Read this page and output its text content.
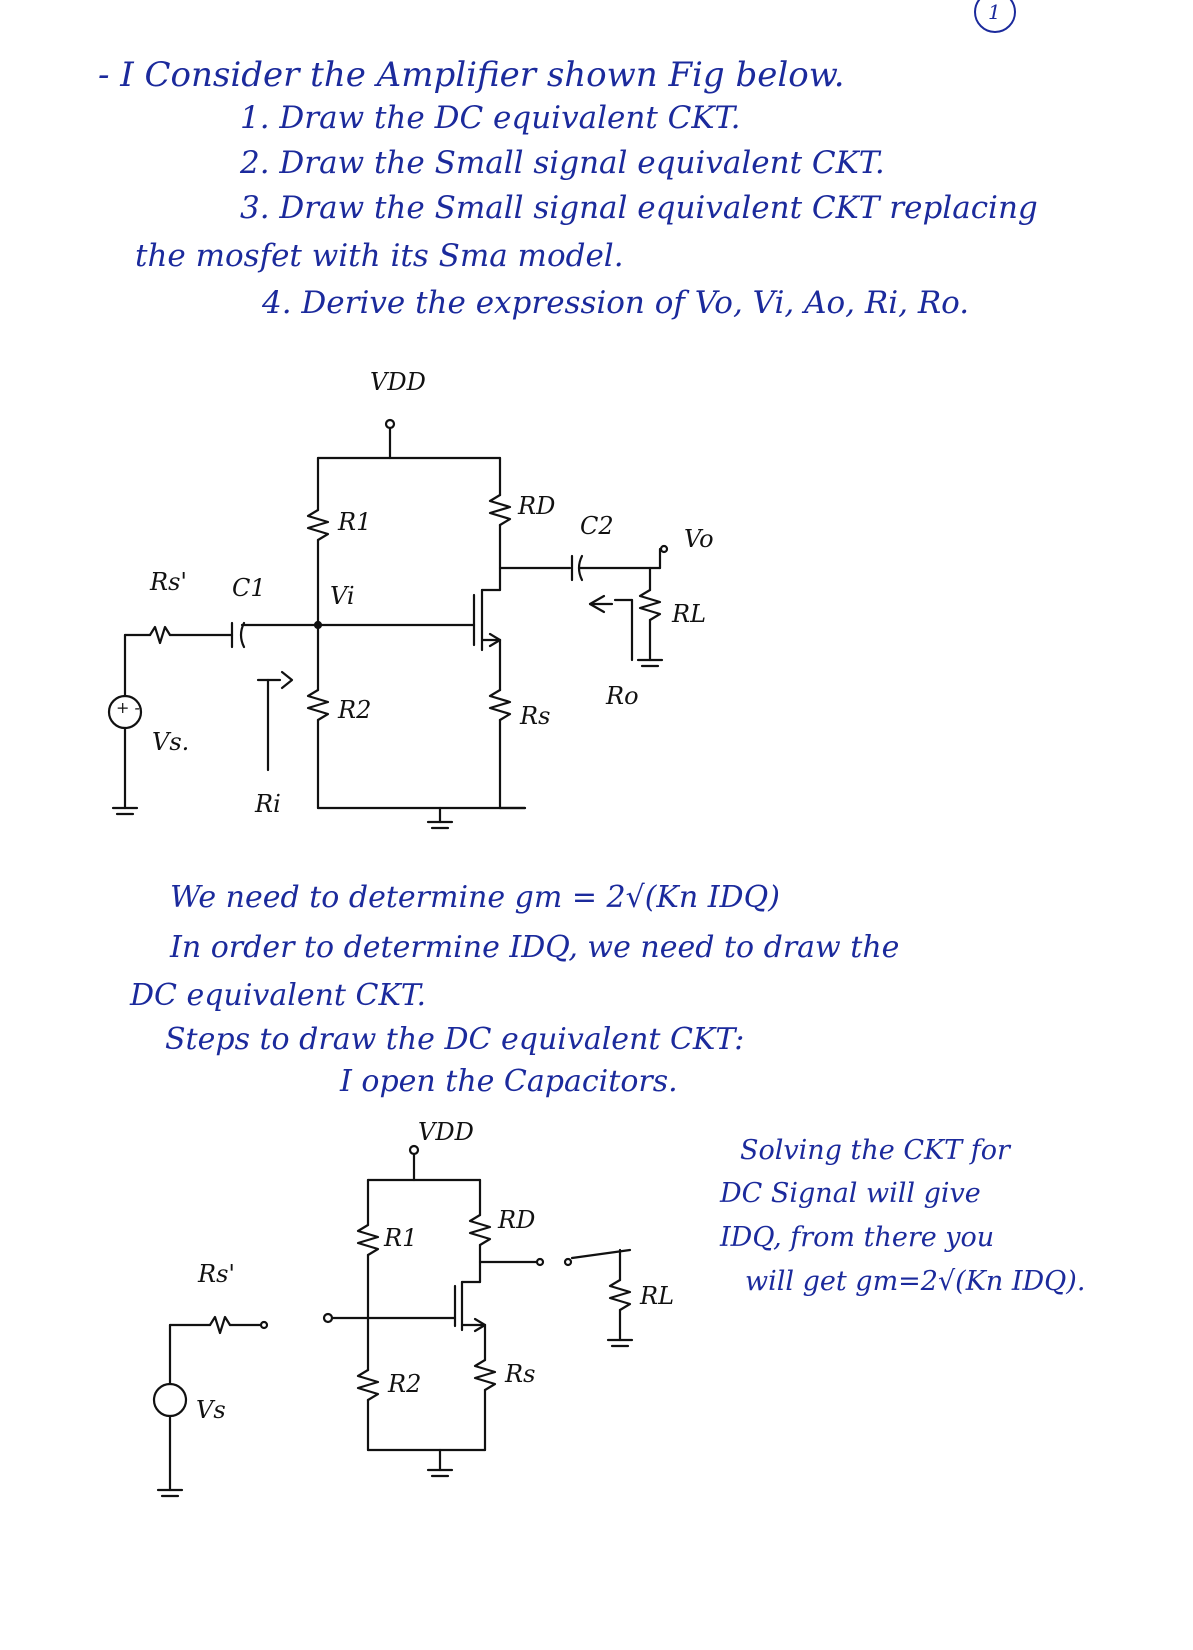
1
- I Consider the Amplifier shown Fig below.
1. Draw the DC equivalent CKT.
2. Draw the Small signal equivalent CKT.
3. Draw the Small signal equivalent CKT replacing
the mosfet with its Sma model.
4. Derive the expression of Vo, Vi, Ao, Ri, Ro.
VDD
R1
RD
C2	Vo
Rs' C1	Vi
RL
R2	Rs
Ro
Vs.
Ri
+ -
We need to determine gm = 2√(Kn IDQ)
In order to determine IDQ, we need to draw the
DC equivalent CKT.
Steps to draw the DC equivalent CKT:
I open the Capacitors.
VDD
R1
RD
Rs'
RL
R2	Rs
Vs
Solving the CKT for
DC Signal will give
IDQ, from there you
will get gm=2√(Kn IDQ).
